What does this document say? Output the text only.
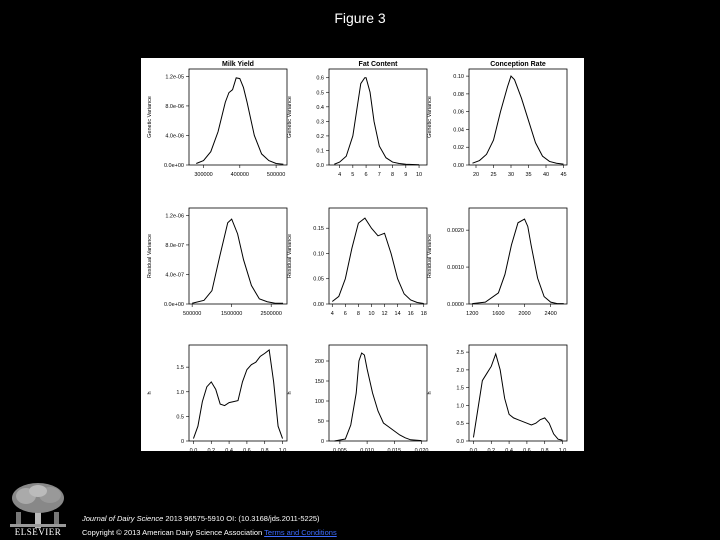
Figure 3
Milk Yield
0.0e+00
4.0e-06
8.0e-06
1.2e-05
300000	400000	500000
Genetic Variance
Fat Content
0.0
0.1
0.2
0.3
0.4
0.5
0.6
4 5 6 7 8 9 10
Genetic Variance
Conception Rate
0.00
0.02
0.04
0.06
0.08
0.10
20 25 30 35 40 45
Genetic Variance
0.0e+00
4.0e-07
8.0e-07
1.2e-06
500000	1500000	2500000
Residual Variance
0.00
0.05
0.10
0.15
4 6 8 10 12 14 16 18
Residual Variance
0.0000
0.0010
0.0020
1200	1600	2000	2400
Residual Variance
0
0.5
1.0
1.5
0.0 0.2 0.4 0.6 0.8 1.0
h
0
50
100
150
200
0.005 0.010 0.015 0.020
h
0.0
0.5
1.0
1.5
2.0
2.5
0.0 0.2 0.4 0.6 0.8 1.0
h
ELSEVIER
Journal of Dairy Science 2013 96575-5910 OI: (10.3168/jds.2011-5225)
Copyright © 2013 American Dairy Science Association Terms and Conditions
